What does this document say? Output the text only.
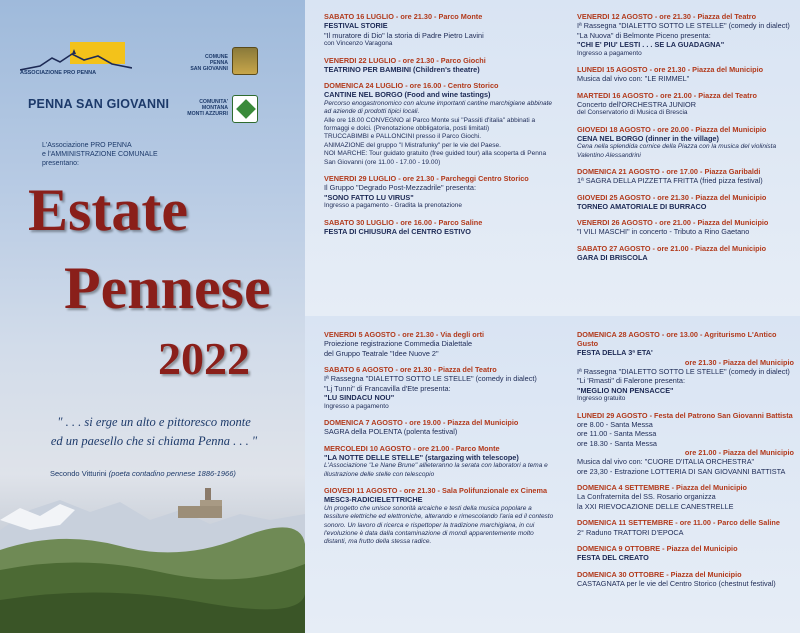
ASSOCIAZIONE PRO PENNA
COMUNE
PENNA
SAN GIOVANNI
COMUNITA'
MONTANA
MONTI AZZURRI
PENNA SAN GIOVANNI
L'Associazione PRO PENNA
e l'AMMINISTRAZIONE COMUNALE
presentano:
Estate
Pennese
2022
" . . . si erge un alto e pittoresco monte
ed un paesello che si chiama Penna . . . "
Secondo Vitturini (poeta contadino pennese 1886-1966)
SABATO 16 LUGLIO - ore 21.30 - Parco Monte
FESTIVAL STORIE
"Il muratore di Dio" la storia di Padre Pietro Lavini
con Vincenzo Varagona
VENERDI 22 LUGLIO - ore 21.30 - Parco Giochi
TEATRINO PER BAMBINI (Children's theatre)
DOMENICA 24 LUGLIO - ore 16.00 - Centro Storico
CANTINE NEL BORGO (Food and wine tastings)
Percorso enogastronomico con alcune importanti cantine marchigiane abbinate ad aziende di prodotti tipici locali.
Alle ore 18.00 CONVEGNO al Parco Monte sui "Passiti d'italia" abbinati a formaggi e dolci. (Prenotazione obbligatoria, posti limitati)
TRUCCABIMBI e PALLONCINI presso il Parco Giochi.
ANIMAZIONE del gruppo "I Mistrafunky" per le vie del Paese.
NOI MARCHE: Tour guidato gratuito (free guided tour) alla scoperta di Penna San Giovanni (ore 11.00 - 17.00 - 19.00)
VENERDI 29 LUGLIO - ore 21.30 - Parcheggi Centro Storico
Il Gruppo "Degrado Post-Mezzadrile" presenta:
"SONO FATTO LU VIRUS"
Ingresso a pagamento - Gradita la prenotazione
SABATO 30 LUGLIO - ore 16.00 - Parco Saline
FESTA DI CHIUSURA del CENTRO ESTIVO
VENERDI 12 AGOSTO - ore 21.30 - Piazza del Teatro
Iª Rassegna "DIALETTO SOTTO LE STELLE" (comedy in dialect)
"La Nuova" di Belmonte Piceno presenta:
"CHI E' PIU' LESTI . . . SE LA GUADAGNA"
Ingresso a pagamento
LUNEDI 15 AGOSTO - ore 21.30 - Piazza del Municipio
Musica dal vivo con: "LE RIMMEL"
MARTEDI 16 AGOSTO - ore 21.00 - Piazza del Teatro
Concerto dell'ORCHESTRA JUNIOR
del Conservatorio di Musica di Brescia
GIOVEDI 18 AGOSTO - ore 20.00 - Piazza del Municipio
CENA NEL BORGO (dinner in the village)
Cena nella splendida cornice della Piazza con la musica del violinista Valentino Alessandrini
DOMENICA 21 AGOSTO - ore 17.00 - Piazza Garibaldi
1ª SAGRA DELLA PIZZETTA FRITTA (fried pizza festival)
GIOVEDI 25 AGOSTO - ore 21.30 - Piazza del Municipio
TORNEO AMATORIALE DI BURRACO
VENERDI 26 AGOSTO - ore 21.00 - Piazza del Municipio
"I VILI MASCHI" in concerto - Tributo a Rino Gaetano
SABATO 27 AGOSTO - ore 21.00 - Piazza del Municipio
GARA DI BRISCOLA
VENERDI 5 AGOSTO - ore 21.30 - Via degli orti
Proiezione registrazione Commedia Dialettale
del Gruppo Teatrale "Idee Nuove 2"
SABATO 6 AGOSTO - ore 21.30 - Piazza del Teatro
Iª Rassegna "DIALETTO SOTTO LE STELLE" (comedy in dialect)
"Lj Tunni" di Francavilla d'Ete presenta:
"LU SINDACU NOU"
Ingresso a pagamento
DOMENICA 7 AGOSTO - ore 19.00 - Piazza del Municipio
SAGRA della POLENTA (polenta festival)
MERCOLEDI 10 AGOSTO - ore 21.00 - Parco Monte
"LA NOTTE DELLE STELLE" (stargazing with telescope)
L'Associazione "Le Nane Brune" allieteranno la serata con laboratori a tema e illustrazione delle stelle con telescopio
GIOVEDI 11 AGOSTO - ore 21.30 - Sala Polifunzionale ex Cinema
MESC3-RADICIELETTRICHE
Un progetto che unisce sonorità arcaiche e testi della musica popolare a tessiture elettriche ed elettroniche, alterando e rimescolando l'aria ed il contesto sonoro. Un lavoro di ricerca e rispettoper la tradizione marchigiana, in cui l'evoluzione è data dalla contaminazione di mondi apparentemente molto distanti, ma frutto della stessa radice.
DOMENICA 28 AGOSTO - ore 13.00 - Agriturismo L'Antico Gusto
FESTA DELLA 3ª ETA'
ore 21.30 - Piazza del Municipio
Iª Rassegna "DIALETTO SOTTO LE STELLE" (comedy in dialect)
"Li 'Rmasti" di Falerone presenta:
"MEGLIO NON PENSACCE"
Ingresso gratuito
LUNEDI 29 AGOSTO - Festa del Patrono San Giovanni Battista
ore 8.00 - Santa Messa
ore 11.00 - Santa Messa
ore 18.30 - Santa Messa
ore 21.00 - Piazza del Municipio
Musica dal vivo con: "CUORE D'ITALIA ORCHESTRA"
ore 23,30 - Estrazione LOTTERIA DI SAN GIOVANNI BATTISTA
DOMENICA 4 SETTEMBRE - Piazza del Municipio
La Confraternita del SS. Rosario organizza
la XXI RIEVOCAZIONE DELLE CANESTRELLE
DOMENICA 11 SETTEMBRE - ore 11.00 - Parco delle Saline
2° Raduno TRATTORI D'EPOCA
DOMENICA 9 OTTOBRE - Piazza del Municipio
FESTA DEL CREATO
DOMENICA 30 OTTOBRE - Piazza del Municipio
CASTAGNATA per le vie del Centro Storico (chestnut festival)
